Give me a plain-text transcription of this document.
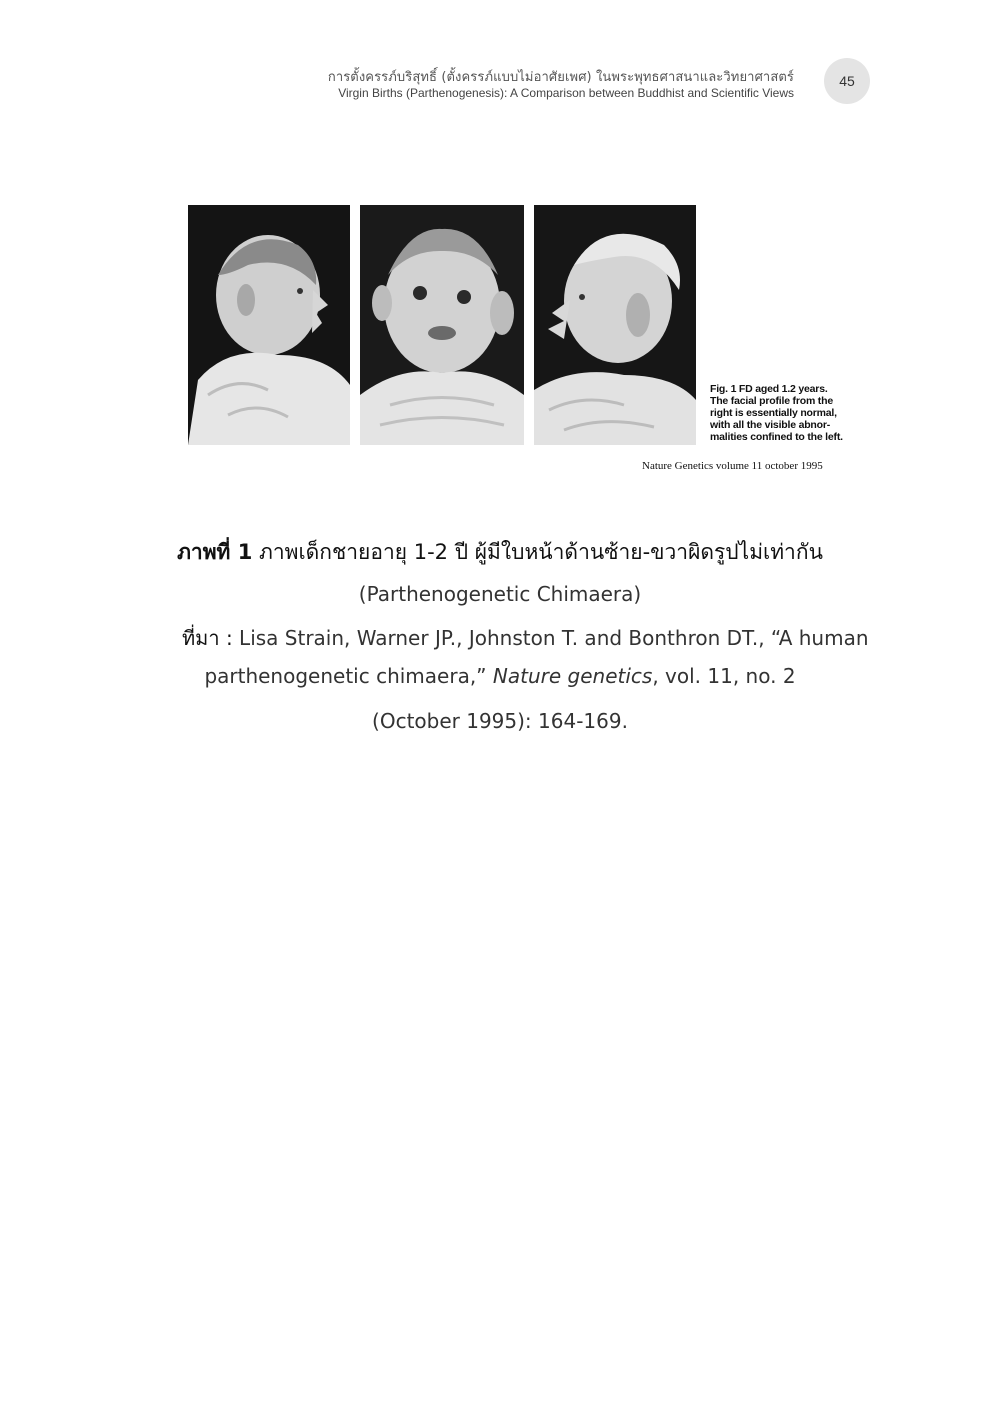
การตั้งครรภ์บริสุทธิ์ (ตั้งครรภ์แบบไม่อาศัยเพศ) ในพระพุทธศาสนาและวิทยาศาสตร์
Virgin Births (Parthenogenesis): A Comparison between Buddhist and Scientific Views
45
Fig. 1 FD aged 1.2 years.
The facial profile from the
right is essentially normal,
with all the visible abnor-
malities confined to the left.
Nature Genetics volume 11 october 1995
ภาพที่ 1 ภาพเด็กชายอายุ 1-2 ปี ผู้มีใบหน้าด้านซ้าย-ขวาผิดรูปไม่เท่ากัน
(Parthenogenetic Chimaera)
ที่มา : Lisa Strain, Warner JP., Johnston T. and Bonthron DT., “A human
parthenogenetic chimaera,” Nature genetics, vol. 11, no. 2
(October 1995): 164-169.
